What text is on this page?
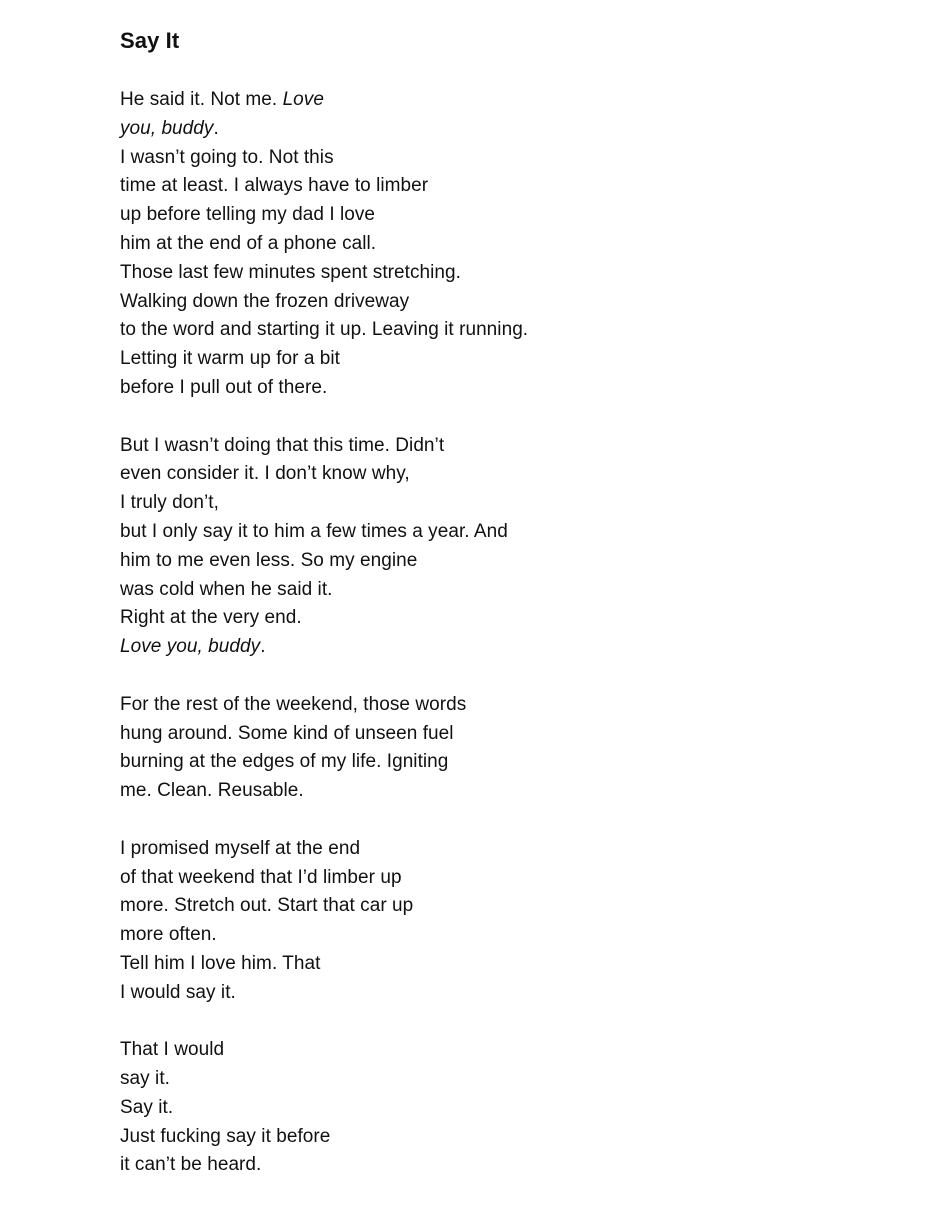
Say It
He said it. Not me. Love
you, buddy.
I wasn’t going to. Not this
time at least. I always have to limber
up before telling my dad I love
him at the end of a phone call.
Those last few minutes spent stretching.
Walking down the frozen driveway
to the word and starting it up. Leaving it running.
Letting it warm up for a bit
before I pull out of there.
But I wasn’t doing that this time. Didn’t
even consider it. I don’t know why,
I truly don’t,
but I only say it to him a few times a year. And
him to me even less. So my engine
was cold when he said it.
Right at the very end.
Love you, buddy.
For the rest of the weekend, those words
hung around. Some kind of unseen fuel
burning at the edges of my life. Igniting
me. Clean. Reusable.
I promised myself at the end
of that weekend that I’d limber up
more. Stretch out. Start that car up
more often.
Tell him I love him. That
I would say it.
That I would
say it.
Say it.
Just fucking say it before
it can’t be heard.
